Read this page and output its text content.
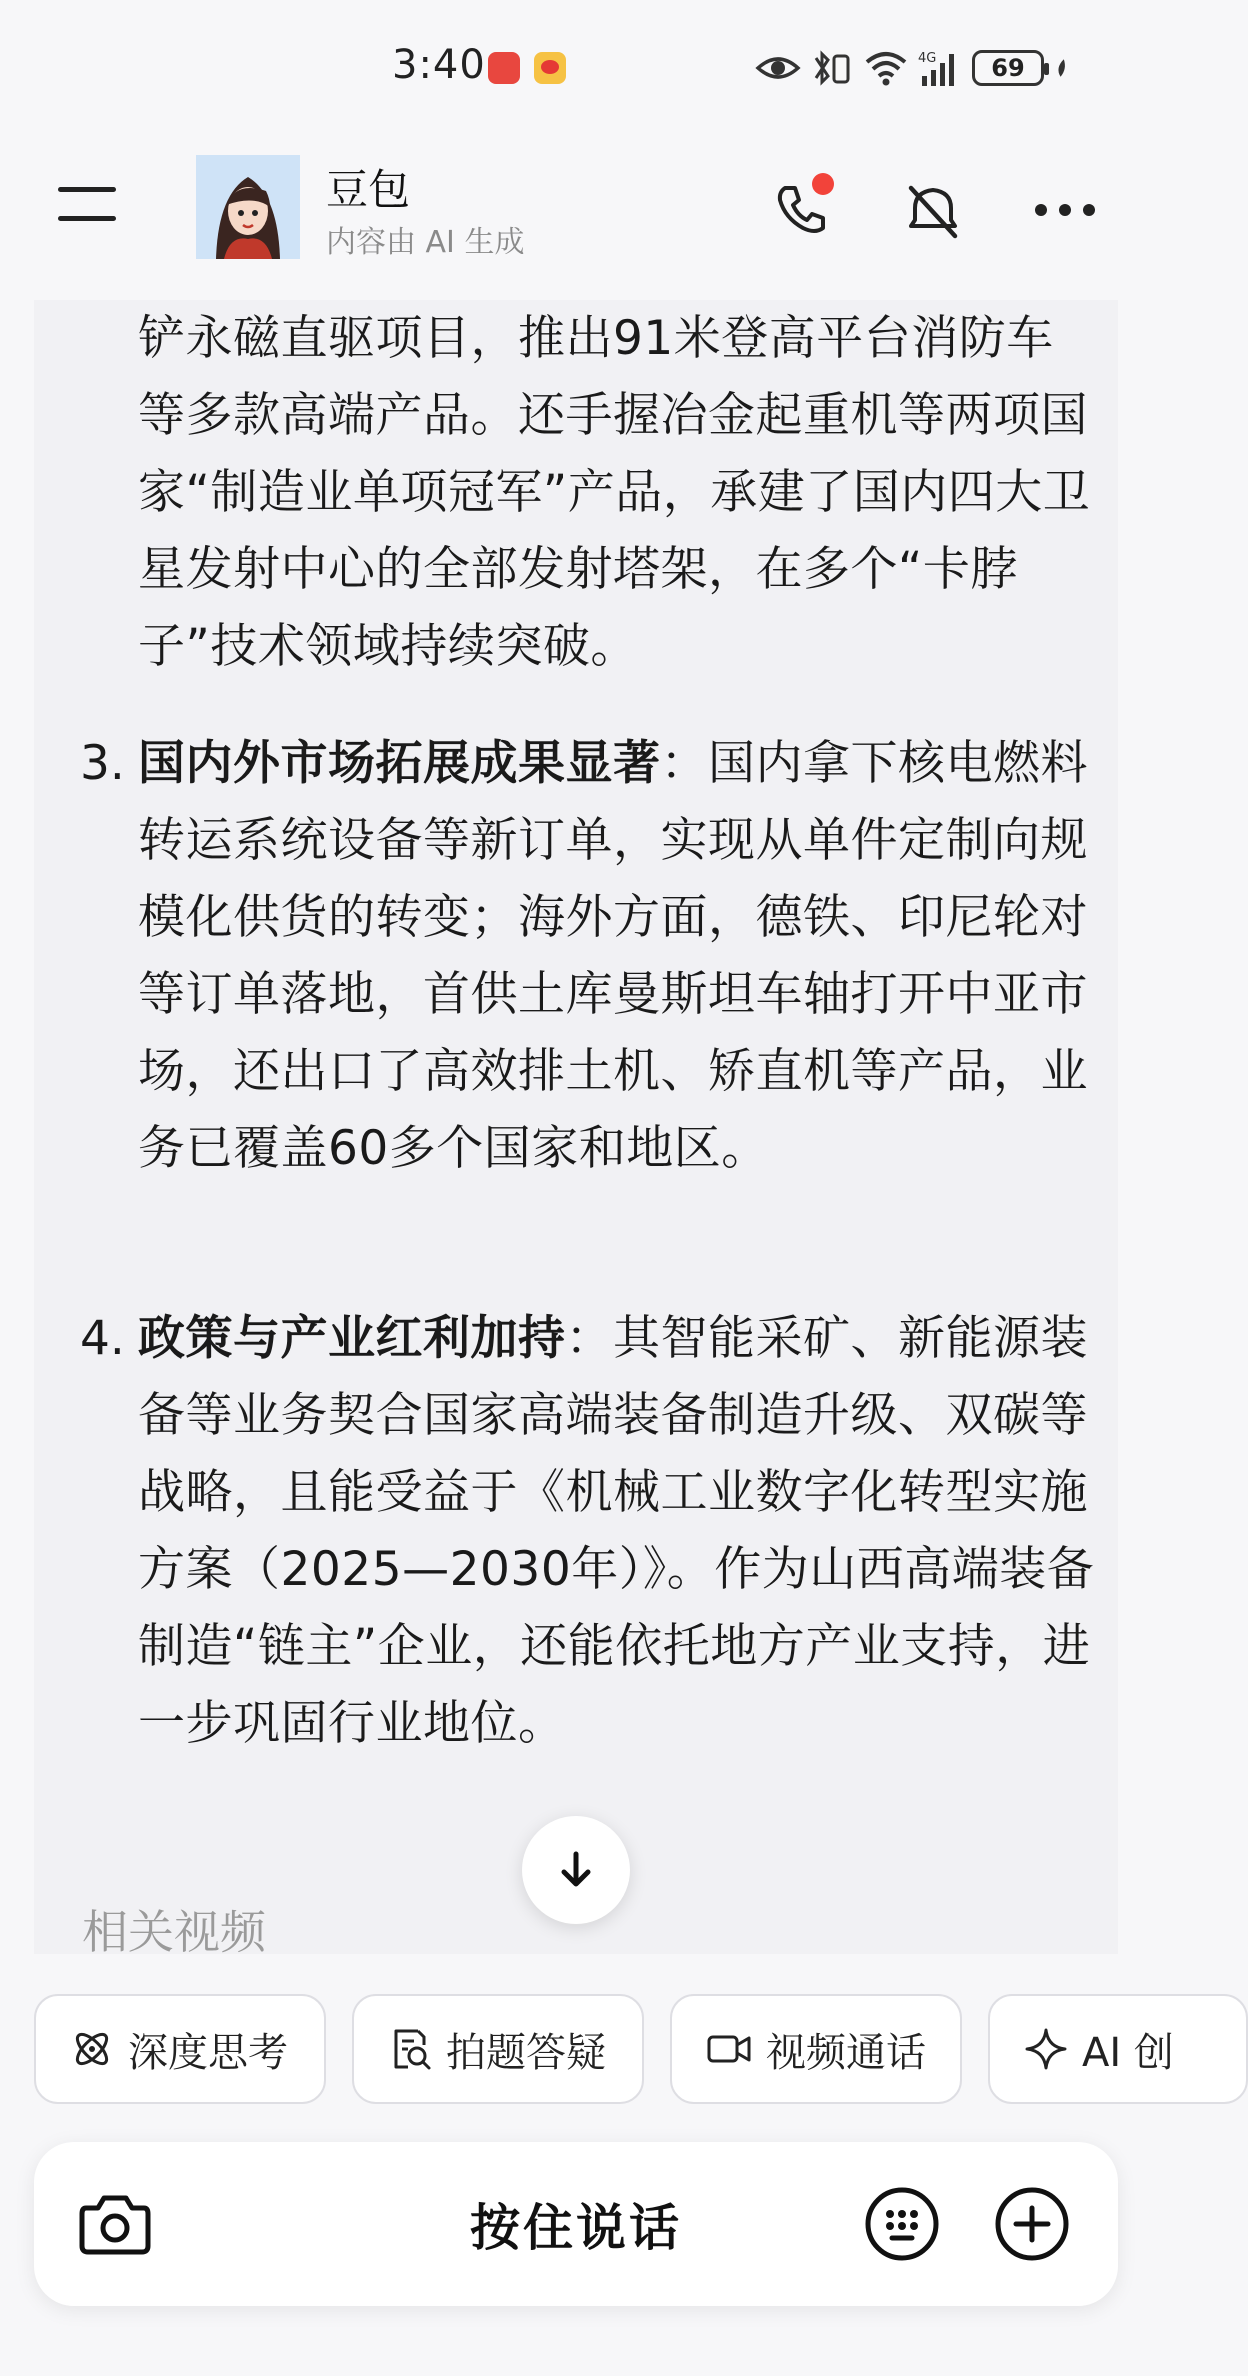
3:40	4G	69
豆包
内容由 AI 生成

铲永磁直驱项目，推出91米登高平台消防车等多款高端产品。还手握冶金起重机等两项国家“制造业单项冠军”产品，承建了国内四大卫星发射中心的全部发射塔架，在多个“卡脖子”技术领域持续突破。

3. 国内外市场拓展成果显著：国内拿下核电燃料转运系统设备等新订单，实现从单件定制向规模化供货的转变；海外方面，德铁、印尼轮对等订单落地，首供土库曼斯坦车轴打开中亚市场，还出口了高效排土机、矫直机等产品，业务已覆盖60多个国家和地区。

4. 政策与产业红利加持：其智能采矿、新能源装备等业务契合国家高端装备制造升级、双碳等战略，且能受益于《机械工业数字化转型实施方案（2025—2030年）》。作为山西高端装备制造“链主”企业，还能依托地方产业支持，进一步巩固行业地位。

相关视频
深度思考	拍题答疑	视频通话	AI 创
按住说话
